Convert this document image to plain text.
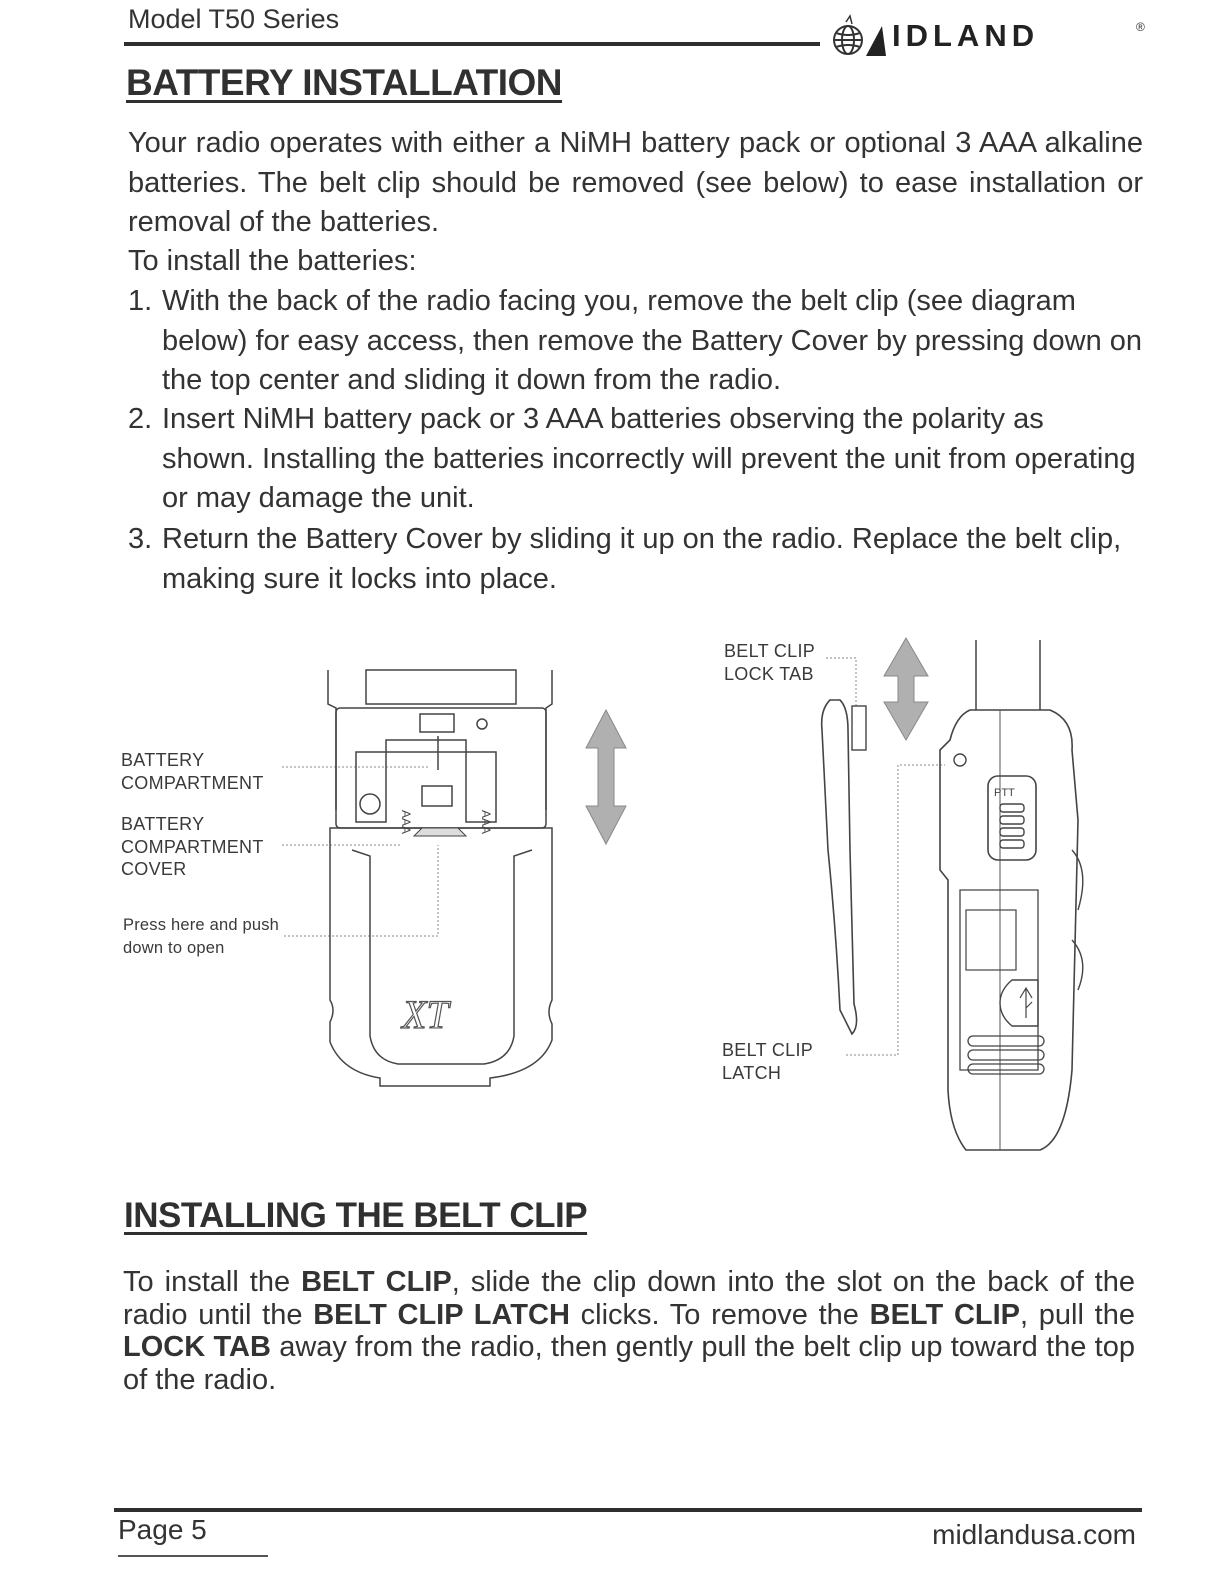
Model T50 Series	IDLAND	®
BATTERY INSTALLATION
Your radio operates with either a NiMH battery pack or optional 3 AAA alkaline batteries. The belt clip should be removed (see below) to ease installation or removal of the batteries.
To install the batteries:
1. With the back of the radio facing you, remove the belt clip (see diagram below) for easy access, then remove the Battery Cover by pressing down on the top center and sliding it down from the radio.
2. Insert NiMH battery pack or 3 AAA batteries observing the polarity as shown. Installing the batteries incorrectly will prevent the unit from operating or may damage the unit.
3. Return the Battery Cover by sliding it up on the radio. Replace the belt clip, making sure it locks into place.
BATTERY COMPARTMENT
BATTERY COMPARTMENT COVER
Press here and push down to open
BELT CLIP LOCK TAB
BELT CLIP LATCH
AAA	AAA
XT
PTT
INSTALLING THE BELT CLIP
To install the BELT CLIP, slide the clip down into the slot on the back of the radio until the BELT CLIP LATCH clicks. To remove the BELT CLIP, pull the LOCK TAB away from the radio, then gently pull the belt clip up toward the top of the radio.
Page 5	midlandusa.com
